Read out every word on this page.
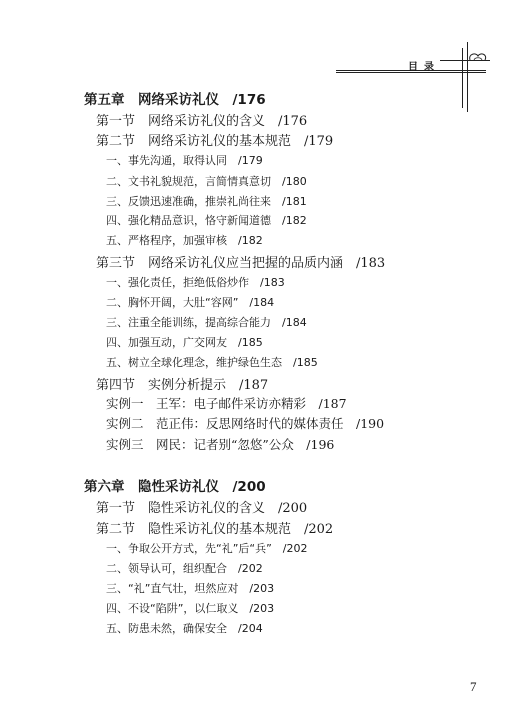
目录
第五章　网络采访礼仪　/176
第一节　网络采访礼仪的含义　/176
第二节　网络采访礼仪的基本规范　/179
一、事先沟通，取得认同　/179
二、文书礼貌规范，言简情真意切　/180
三、反馈迅速准确，推崇礼尚往来　/181
四、强化精品意识，恪守新闻道德　/182
五、严格程序，加强审核　/182
第三节　网络采访礼仪应当把握的品质内涵　/183
一、强化责任，拒绝低俗炒作　/183
二、胸怀开阔，大肚“容网”　/184
三、注重全能训练，提高综合能力　/184
四、加强互动，广交网友　/185
五、树立全球化理念，维护绿色生态　/185
第四节　实例分析提示　/187
实例一　王军：电子邮件采访亦精彩　/187
实例二　范正伟：反思网络时代的媒体责任　/190
实例三　网民：记者别“忽悠”公众　/196
第六章　隐性采访礼仪　/200
第一节　隐性采访礼仪的含义　/200
第二节　隐性采访礼仪的基本规范　/202
一、争取公开方式，先“礼”后“兵”　/202
二、领导认可，组织配合　/202
三、“礼”直气壮，坦然应对　/203
四、不设“陷阱”，以仁取义　/203
五、防患未然，确保安全　/204
7
